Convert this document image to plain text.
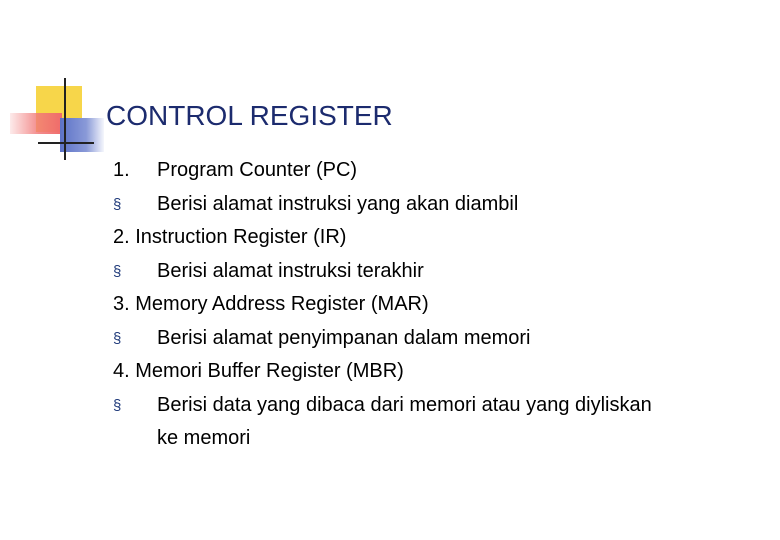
CONTROL REGISTER
1. Program Counter (PC)
§	Berisi alamat instruksi yang akan diambil
2. Instruction Register (IR)
§	Berisi alamat instruksi terakhir
3. Memory Address Register (MAR)
§	Berisi alamat penyimpanan dalam memori
4. Memori Buffer Register (MBR)
§	Berisi data yang dibaca dari memori atau yang diyliskan
ke memori
